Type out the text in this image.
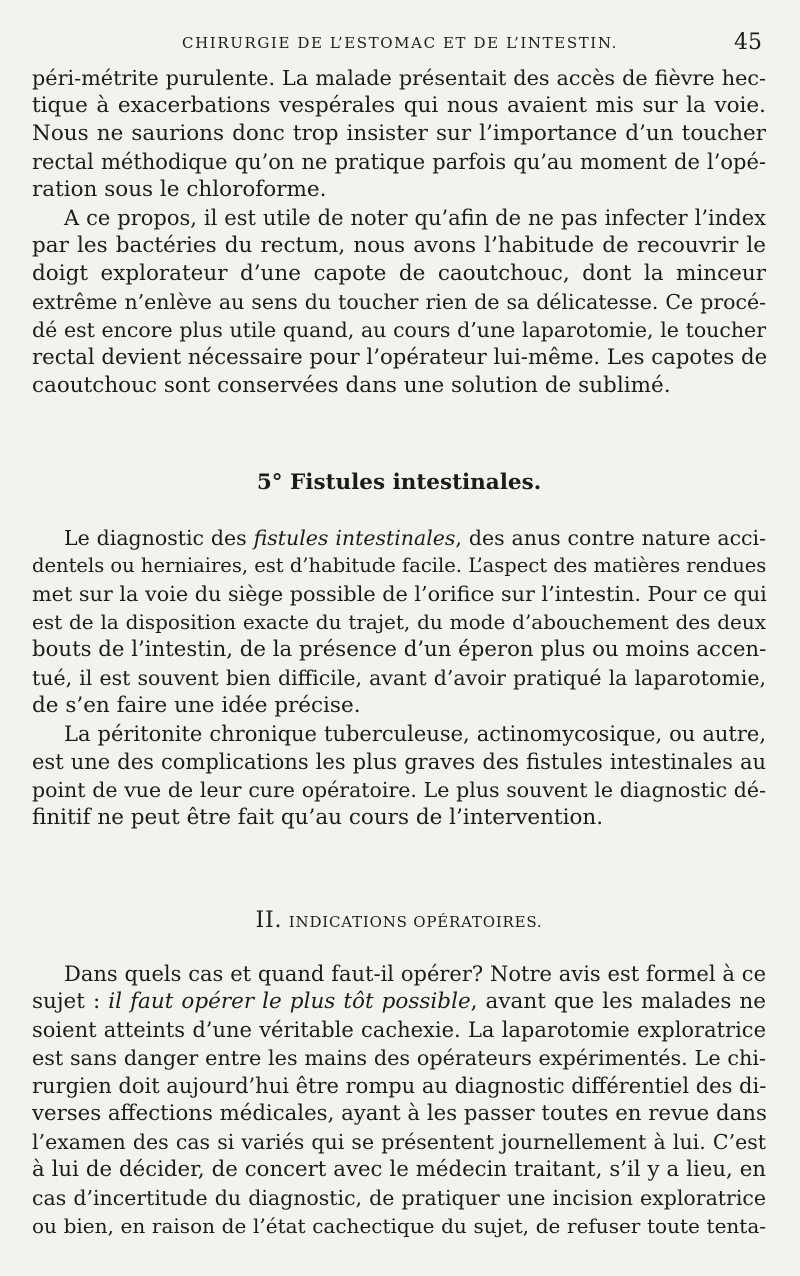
CHIRURGIE DE L’ESTOMAC ET DE L’INTESTIN.	45
péri-métrite purulente. La malade présentait des accès de fièvre hec-
tique à exacerbations vespérales qui nous avaient mis sur la voie.
Nous ne saurions donc trop insister sur l’importance d’un toucher
rectal méthodique qu’on ne pratique parfois qu’au moment de l’opé-
ration sous le chloroforme.
A ce propos, il est utile de noter qu’afin de ne pas infecter l’index
par les bactéries du rectum, nous avons l’habitude de recouvrir le
doigt explorateur d’une capote de caoutchouc, dont la minceur
extrême n’enlève au sens du toucher rien de sa délicatesse. Ce procé-
dé est encore plus utile quand, au cours d’une laparotomie, le toucher
rectal devient nécessaire pour l’opérateur lui-même. Les capotes de
caoutchouc sont conservées dans une solution de sublimé.
5° Fistules intestinales.
Le diagnostic des fistules intestinales, des anus contre nature acci-
dentels ou herniaires, est d’habitude facile. L’aspect des matières rendues
met sur la voie du siège possible de l’orifice sur l’intestin. Pour ce qui
est de la disposition exacte du trajet, du mode d’abouchement des deux
bouts de l’intestin, de la présence d’un éperon plus ou moins accen-
tué, il est souvent bien difficile, avant d’avoir pratiqué la laparotomie,
de s’en faire une idée précise.
La péritonite chronique tuberculeuse, actinomycosique, ou autre,
est une des complications les plus graves des fistules intestinales au
point de vue de leur cure opératoire. Le plus souvent le diagnostic dé-
finitif ne peut être fait qu’au cours de l’intervention.
II. INDICATIONS OPÉRATOIRES.
Dans quels cas et quand faut-il opérer? Notre avis est formel à ce
sujet : il faut opérer le plus tôt possible, avant que les malades ne
soient atteints d’une véritable cachexie. La laparotomie exploratrice
est sans danger entre les mains des opérateurs expérimentés. Le chi-
rurgien doit aujourd’hui être rompu au diagnostic différentiel des di-
verses affections médicales, ayant à les passer toutes en revue dans
l’examen des cas si variés qui se présentent journellement à lui. C’est
à lui de décider, de concert avec le médecin traitant, s’il y a lieu, en
cas d’incertitude du diagnostic, de pratiquer une incision exploratrice
ou bien, en raison de l’état cachectique du sujet, de refuser toute tenta-
